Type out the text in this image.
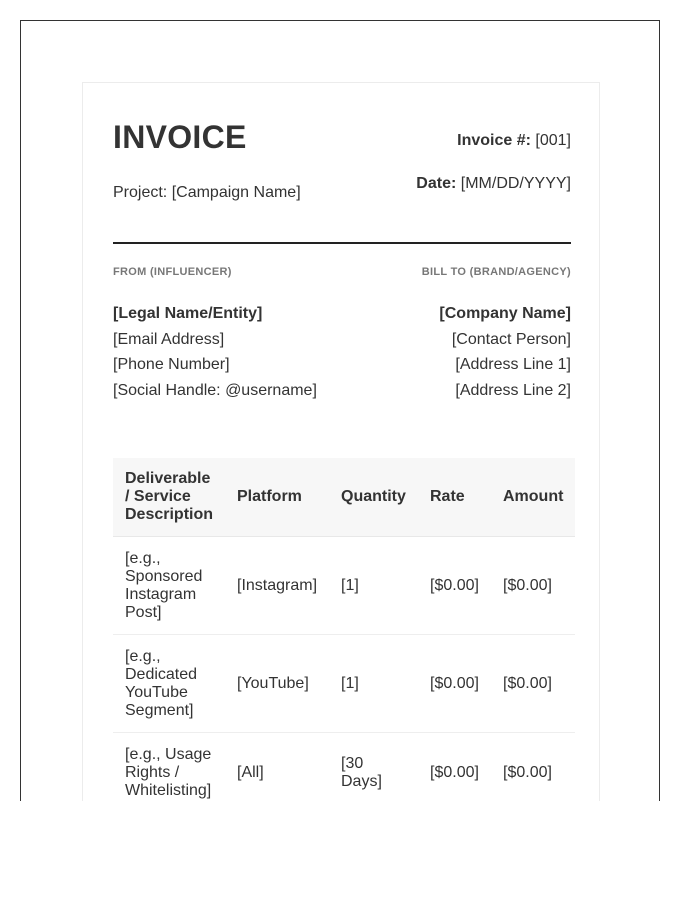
INVOICE	Invoice #: [001]
Date: [MM/DD/YYYY]
Project: [Campaign Name]
FROM (INFLUENCER)	BILL TO (BRAND/AGENCY)
[Legal Name/Entity]
[Email Address]
[Phone Number]
[Social Handle: @username]
[Company Name]
[Contact Person]
[Address Line 1]
[Address Line 2]
Deliverable / Service Description	Platform	Quantity	Rate	Amount
[e.g., Sponsored Instagram Post]	[Instagram]	[1]	[$0.00]	[$0.00]
[e.g., Dedicated YouTube Segment]	[YouTube]	[1]	[$0.00]	[$0.00]
[e.g., Usage Rights / Whitelisting]	[All]	[30 Days]	[$0.00]	[$0.00]
